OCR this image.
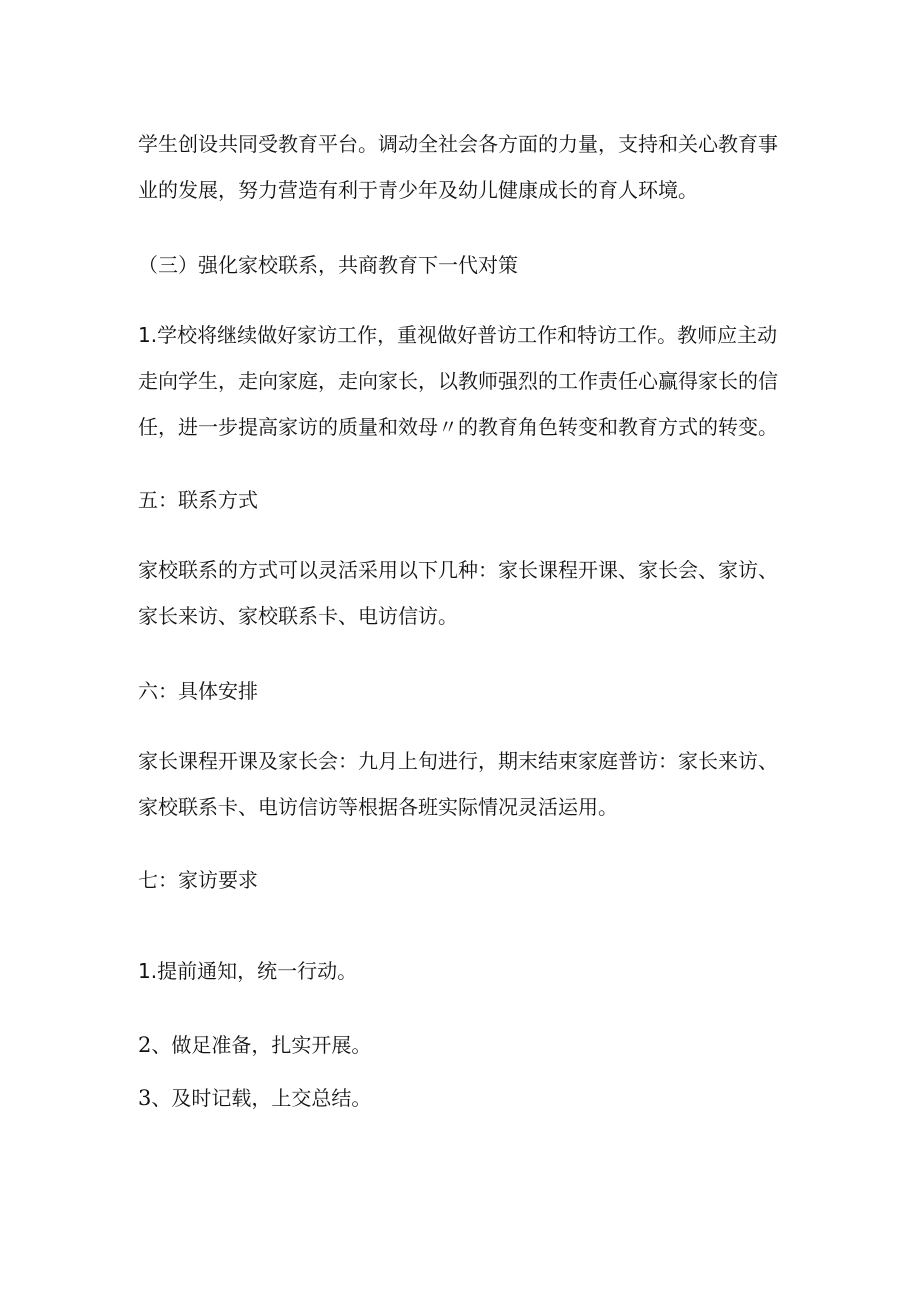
学生创设共同受教育平台。调动全社会各方面的力量，支持和关心教育事
业的发展，努力营造有利于青少年及幼儿健康成长的育人环境。
（三）强化家校联系，共商教育下一代对策
1.学校将继续做好家访工作，重视做好普访工作和特访工作。教师应主动
走向学生，走向家庭，走向家长，以教师强烈的工作责任心赢得家长的信
任，进一步提高家访的质量和效母〃的教育角色转变和教育方式的转变。
五：联系方式
家校联系的方式可以灵活采用以下几种：家长课程开课、家长会、家访、
家长来访、家校联系卡、电访信访。
六：具体安排
家长课程开课及家长会：九月上旬进行，期末结束家庭普访：家长来访、
家校联系卡、电访信访等根据各班实际情况灵活运用。
七：家访要求
1.提前通知，统一行动。
2、做足准备，扎实开展。
3、及时记载，上交总结。
